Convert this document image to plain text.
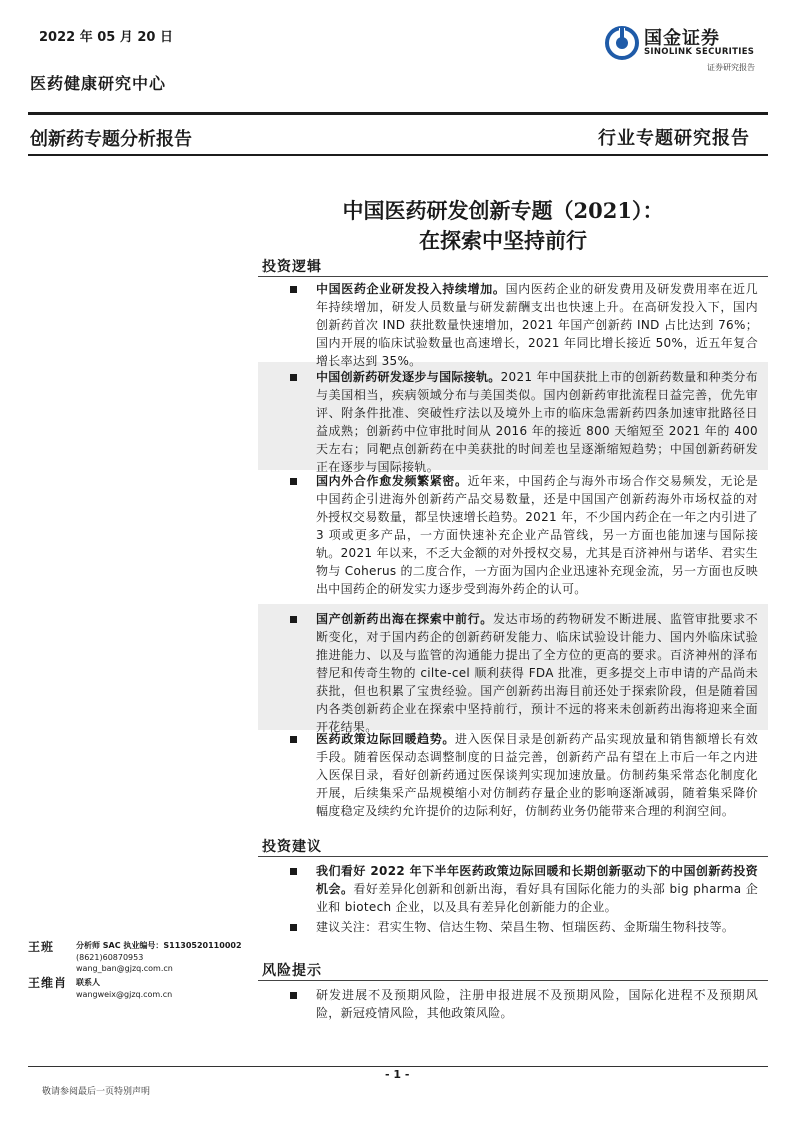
2022 年 05 月 20 日
医药健康研究中心
国金证券
SINOLINK SECURITIES
证券研究报告
创新药专题分析报告	行业专题研究报告
中国医药研发创新专题（2021）：
在探索中坚持前行
投资逻辑
中国医药企业研发投入持续增加。国内医药企业的研发费用及研发费用率在近几年持续增加，研发人员数量与研发薪酬支出也快速上升。在高研发投入下，国内创新药首次 IND 获批数量快速增加，2021 年国产创新药 IND 占比达到 76%；国内开展的临床试验数量也高速增长，2021 年同比增长接近 50%，近五年复合增长率达到 35%。
中国创新药研发逐步与国际接轨。2021 年中国获批上市的创新药数量和种类分布与美国相当，疾病领域分布与美国类似。国内创新药审批流程日益完善，优先审评、附条件批准、突破性疗法以及境外上市的临床急需新药四条加速审批路径日益成熟；创新药中位审批时间从 2016 年的接近 800 天缩短至 2021 年的 400 天左右；同靶点创新药在中美获批的时间差也呈逐渐缩短趋势；中国创新药研发正在逐步与国际接轨。
国内外合作愈发频繁紧密。近年来，中国药企与海外市场合作交易频发，无论是中国药企引进海外创新药产品交易数量，还是中国国产创新药海外市场权益的对外授权交易数量，都呈快速增长趋势。2021 年，不少国内药企在一年之内引进了 3 项或更多产品，一方面快速补充企业产品管线，另一方面也能加速与国际接轨。2021 年以来，不乏大金额的对外授权交易，尤其是百济神州与诺华、君实生物与 Coherus 的二度合作，一方面为国内企业迅速补充现金流，另一方面也反映出中国药企的研发实力逐步受到海外药企的认可。
国产创新药出海在探索中前行。发达市场的药物研发不断进展、监管审批要求不断变化，对于国内药企的创新药研发能力、临床试验设计能力、国内外临床试验推进能力、以及与监管的沟通能力提出了全方位的更高的要求。百济神州的泽布替尼和传奇生物的 cilte-cel 顺利获得 FDA 批准，更多提交上市申请的产品尚未获批，但也积累了宝贵经验。国产创新药出海目前还处于探索阶段，但是随着国内各类创新药企业在探索中坚持前行，预计不远的将来未创新药出海将迎来全面开花结果。
医药政策边际回暖趋势。进入医保目录是创新药产品实现放量和销售额增长有效手段。随着医保动态调整制度的日益完善，创新药产品有望在上市后一年之内进入医保目录，看好创新药通过医保谈判实现加速放量。仿制药集采常态化制度化开展，后续集采产品规模缩小对仿制药存量企业的影响逐渐减弱，随着集采降价幅度稳定及续约允许提价的边际利好，仿制药业务仍能带来合理的利润空间。
投资建议
我们看好 2022 年下半年医药政策边际回暖和长期创新驱动下的中国创新药投资机会。看好差异化创新和创新出海，看好具有国际化能力的头部 big pharma 企业和 biotech 企业，以及具有差异化创新能力的企业。
建议关注：君实生物、信达生物、荣昌生物、恒瑞医药、金斯瑞生物科技等。
风险提示
研发进展不及预期风险，注册申报进展不及预期风险，国际化进程不及预期风险，新冠疫情风险，其他政策风险。
王班	分析师 SAC 执业编号：S1130520110002
(8621)60870953
wang_ban@gjzq.com.cn
王维肖 联系人
wangweix@gjzq.com.cn
- 1 -
敬请参阅最后一页特别声明
